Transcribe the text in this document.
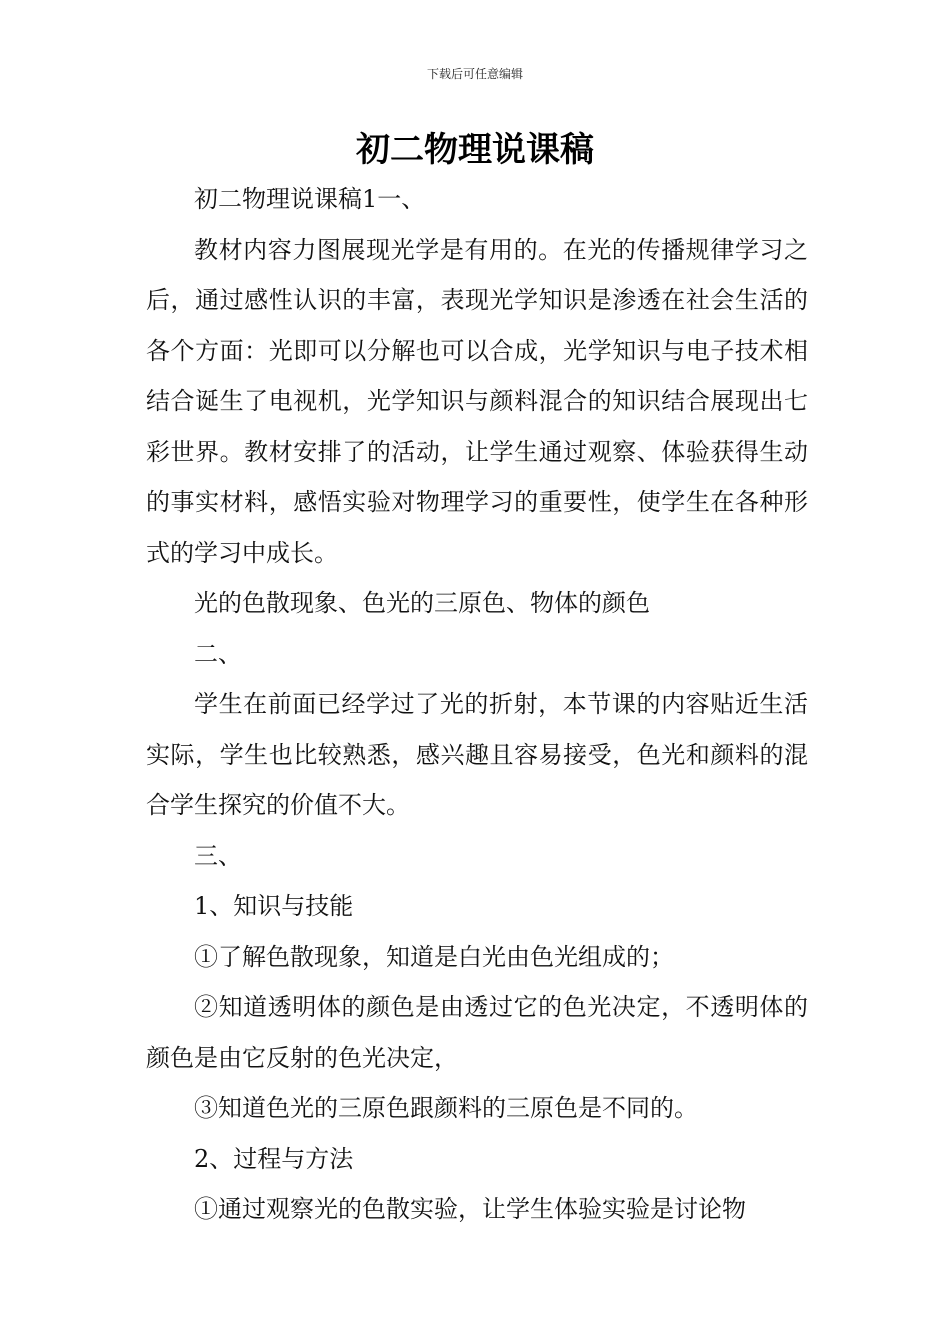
下载后可任意编辑
初二物理说课稿

初二物理说课稿1一、

教材内容力图展现光学是有用的。在光的传播规律学习之后，通过感性认识的丰富，表现光学知识是渗透在社会生活的各个方面：光即可以分解也可以合成，光学知识与电子技术相结合诞生了电视机，光学知识与颜料混合的知识结合展现出七彩世界。教材安排了的活动，让学生通过观察、体验获得生动的事实材料，感悟实验对物理学习的重要性，使学生在各种形式的学习中成长。

光的色散现象、色光的三原色、物体的颜色

二、

学生在前面已经学过了光的折射，本节课的内容贴近生活实际，学生也比较熟悉，感兴趣且容易接受，色光和颜料的混合学生探究的价值不大。

三、

1、知识与技能

①了解色散现象，知道是白光由色光组成的；

②知道透明体的颜色是由透过它的色光决定，不透明体的颜色是由它反射的色光决定，

③知道色光的三原色跟颜料的三原色是不同的。

2、过程与方法

①通过观察光的色散实验，让学生体验实验是讨论物
